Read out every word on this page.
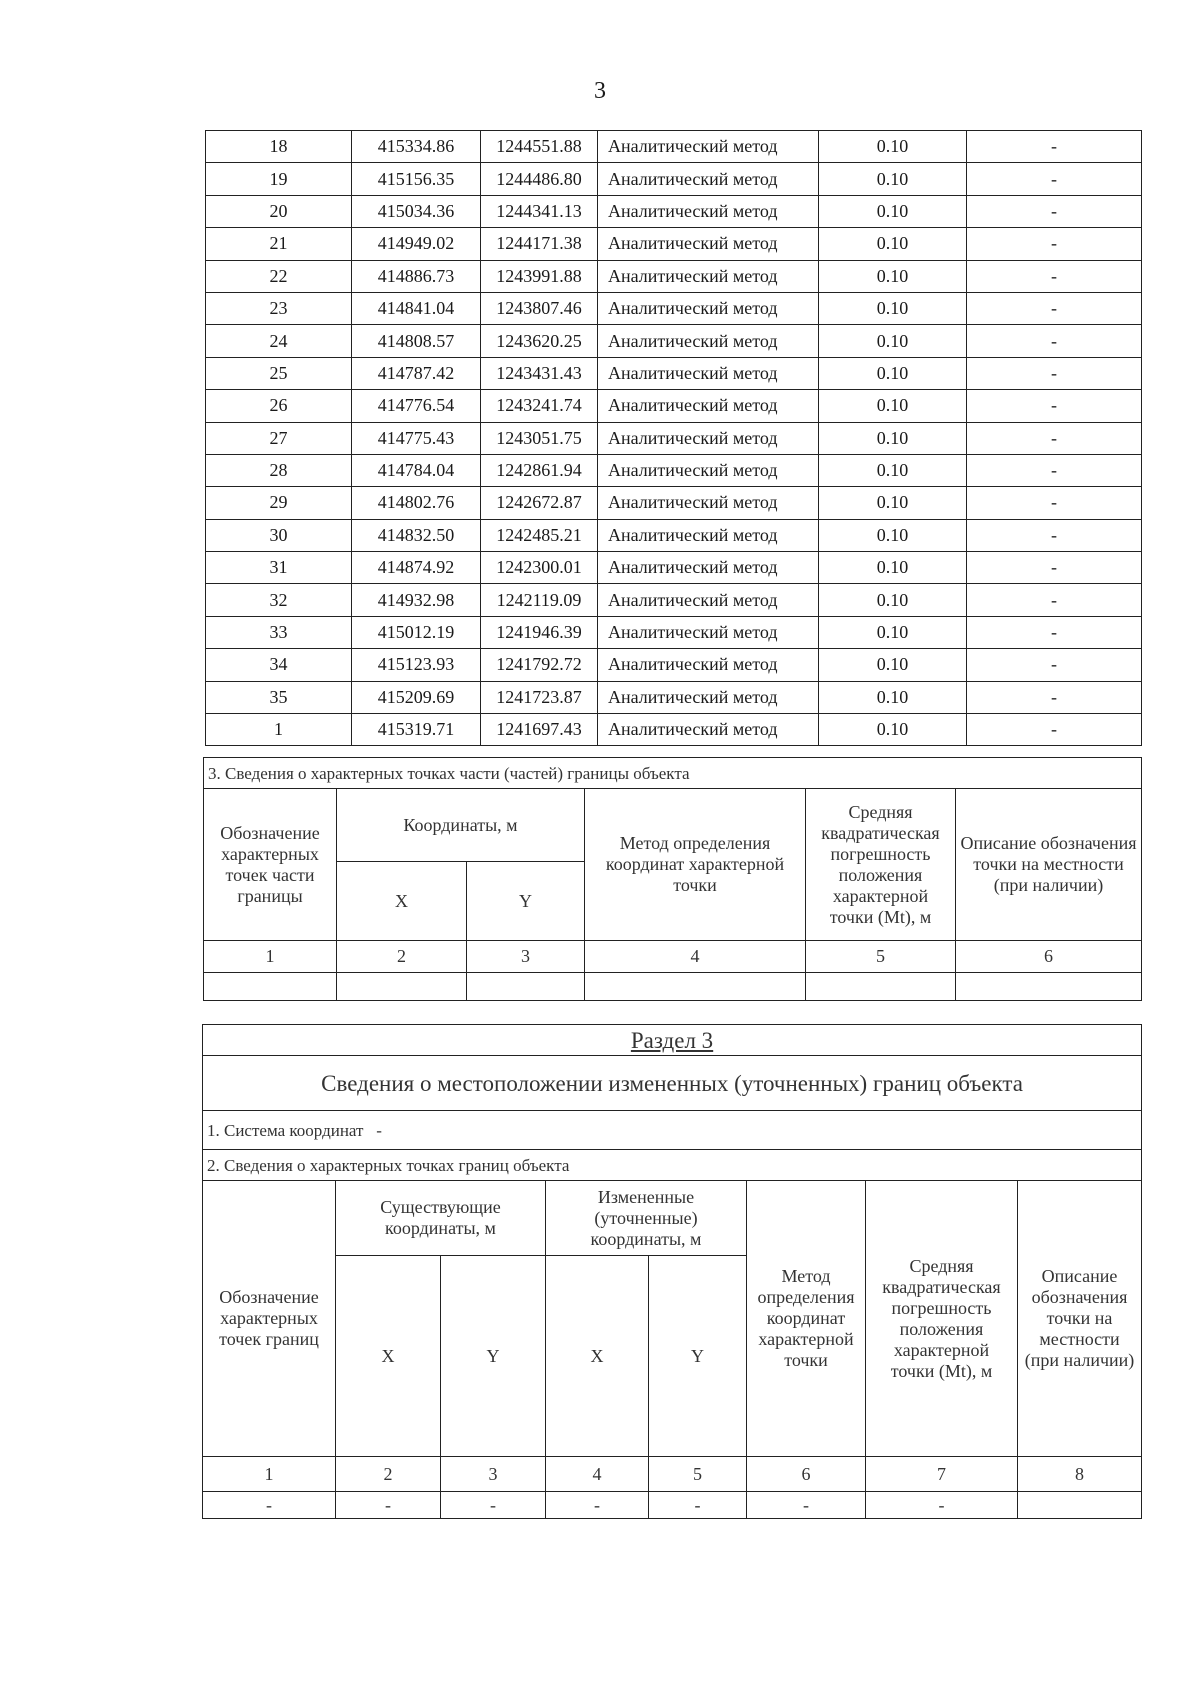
3
18	415334.86	1244551.88	Аналитический метод	0.10	-
19	415156.35	1244486.80	Аналитический метод	0.10	-
20	415034.36	1244341.13	Аналитический метод	0.10	-
21	414949.02	1244171.38	Аналитический метод	0.10	-
22	414886.73	1243991.88	Аналитический метод	0.10	-
23	414841.04	1243807.46	Аналитический метод	0.10	-
24	414808.57	1243620.25	Аналитический метод	0.10	-
25	414787.42	1243431.43	Аналитический метод	0.10	-
26	414776.54	1243241.74	Аналитический метод	0.10	-
27	414775.43	1243051.75	Аналитический метод	0.10	-
28	414784.04	1242861.94	Аналитический метод	0.10	-
29	414802.76	1242672.87	Аналитический метод	0.10	-
30	414832.50	1242485.21	Аналитический метод	0.10	-
31	414874.92	1242300.01	Аналитический метод	0.10	-
32	414932.98	1242119.09	Аналитический метод	0.10	-
33	415012.19	1241946.39	Аналитический метод	0.10	-
34	415123.93	1241792.72	Аналитический метод	0.10	-
35	415209.69	1241723.87	Аналитический метод	0.10	-
1	415319.71	1241697.43	Аналитический метод	0.10	-
3. Сведения о характерных точках части (частей) границы объекта					
Обозначение характерных точек части границы	Координаты, м		Метод определения координат характерной точки	Средняя квадратическая погрешность положения характерной точки (Mt), м	Описание обозначения точки на местности (при наличии)
	X	Y			
1	2	3	4	5	6

Раздел 3							
Сведения о местоположении измененных (уточненных) границ объекта							
1. Система координат -							
2. Сведения о характерных точках границ объекта							
Обозначение характерных точек границ	Существующие координаты, м		Измененные (уточненные) координаты, м		Метод определения координат характерной точки	Средняя квадратическая погрешность положения характерной точки (Mt), м	Описание обозначения точки на местности (при наличии)
	X	Y	X	Y			
1	2	3	4	5	6	7	8
-	-	-	-	-	-	-	
